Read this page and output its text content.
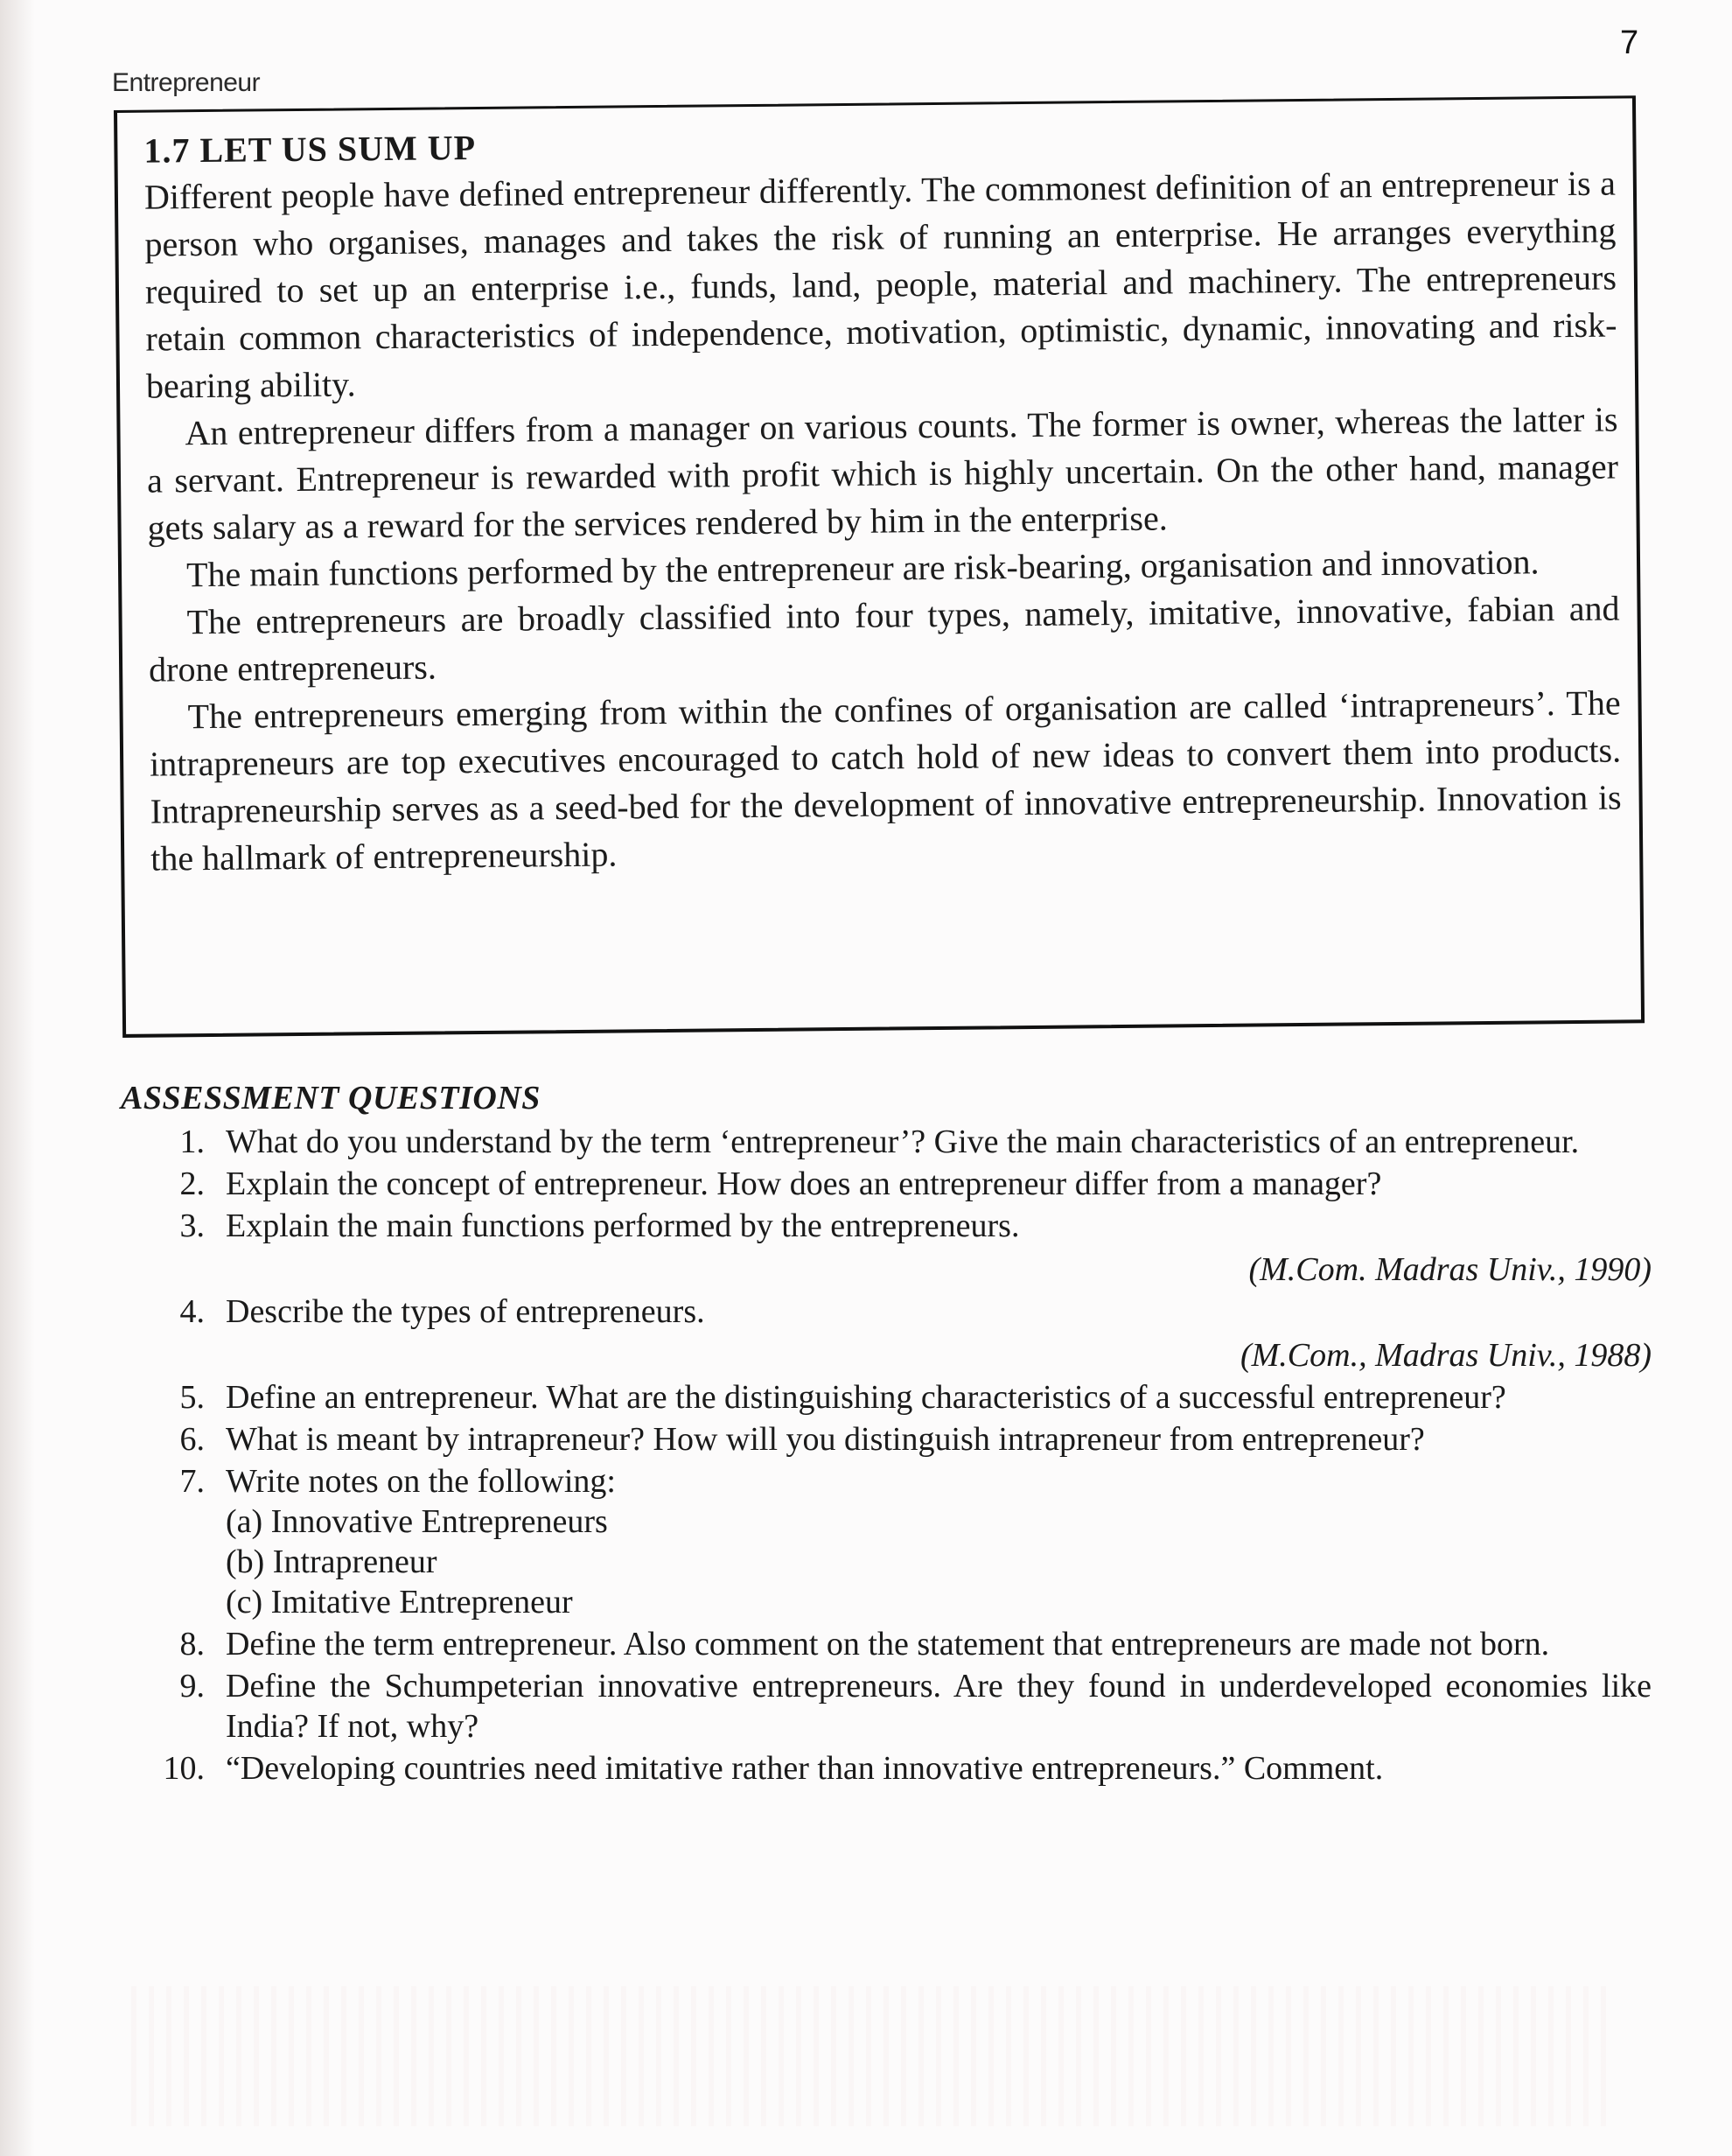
Entrepreneur
7
1.7 LET US SUM UP

Different people have defined entrepreneur differently. The commonest definition of an entrepreneur is a person who organises, manages and takes the risk of running an enterprise. He arranges everything required to set up an enterprise i.e., funds, land, people, material and machinery. The entrepreneurs retain common characteristics of independence, motivation, optimistic, dynamic, innovating and risk-bearing ability.

An entrepreneur differs from a manager on various counts. The former is owner, whereas the latter is a servant. Entrepreneur is rewarded with profit which is highly uncertain. On the other hand, manager gets salary as a reward for the services rendered by him in the enterprise.

The main functions performed by the entrepreneur are risk-bearing, organisation and innovation.

The entrepreneurs are broadly classified into four types, namely, imitative, innovative, fabian and drone entrepreneurs.

The entrepreneurs emerging from within the confines of organisation are called ‘intrapreneurs’. The intrapreneurs are top executives encouraged to catch hold of new ideas to convert them into products. Intrapreneurship serves as a seed-bed for the development of innovative entrepreneurship. Innovation is the hallmark of entrepreneurship.

ASSESSMENT QUESTIONS
1. What do you understand by the term ‘entrepreneur’? Give the main characteristics of an entrepreneur.
2. Explain the concept of entrepreneur. How does an entrepreneur differ from a manager?
3. Explain the main functions performed by the entrepreneurs.
(M.Com. Madras Univ., 1990)
4. Describe the types of entrepreneurs.
(M.Com., Madras Univ., 1988)
5. Define an entrepreneur. What are the distinguishing characteristics of a successful entrepreneur?
6. What is meant by intrapreneur? How will you distinguish intrapreneur from entrepreneur?
7. Write notes on the following:
(a) Innovative Entrepreneurs
(b) Intrapreneur
(c) Imitative Entrepreneur
8. Define the term entrepreneur. Also comment on the statement that entrepreneurs are made not born.
9. Define the Schumpeterian innovative entrepreneurs. Are they found in underdeveloped economies like India? If not, why?
10. “Developing countries need imitative rather than innovative entrepreneurs.” Comment.
